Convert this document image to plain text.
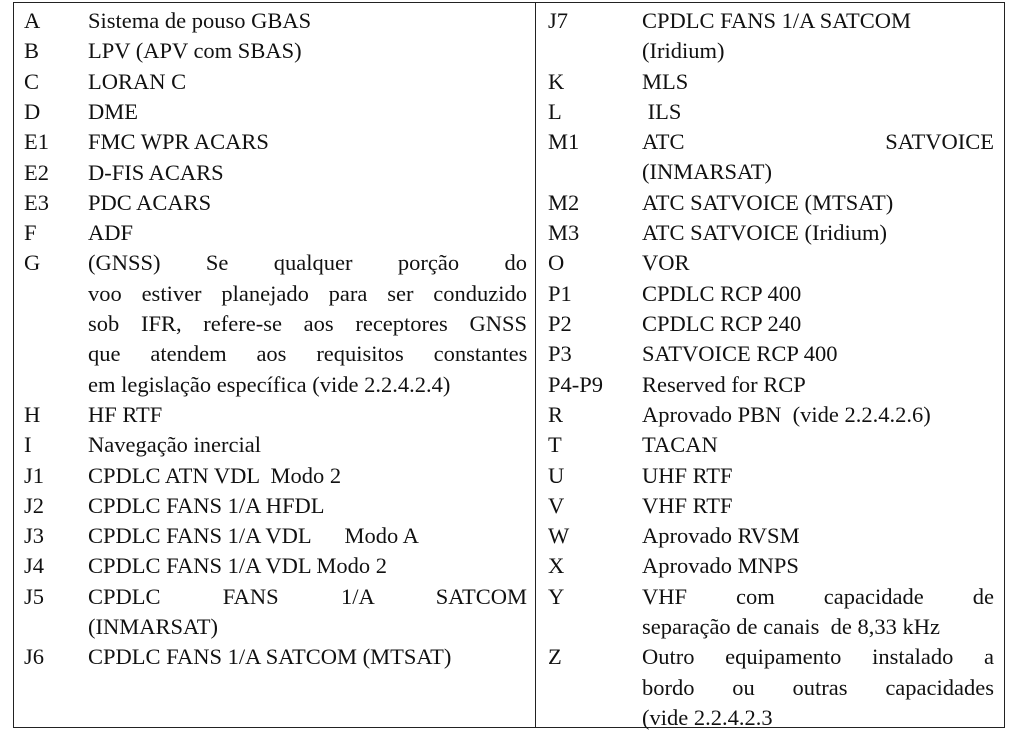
A Sistema de pouso GBAS
B LPV (APV com SBAS)
C LORAN C
D DME
E1 FMC WPR ACARS
E2 D-FIS ACARS
E3 PDC ACARS
F ADF
G (GNSS) Se qualquer porção do
voo estiver planejado para ser conduzido
sob IFR, refere-se aos receptores GNSS
que atendem aos requisitos constantes
em legislação específica (vide 2.2.4.2.4)
H HF RTF
I	Navegação inercial
J1 CPDLC ATN VDL  Modo 2
J2 CPDLC FANS 1/A HFDL
J3 CPDLC FANS 1/A VDL      Modo A
J4 CPDLC FANS 1/A VDL Modo 2
J5 CPDLC FANS 1/A SATCOM
(INMARSAT)
J6 CPDLC FANS 1/A SATCOM (MTSAT)
J7	CPDLC FANS 1/A SATCOM
(Iridium)
K	MLS
L	ILS
M1	ATC SATVOICE
(INMARSAT)
M2	ATC SATVOICE (MTSAT)
M3	ATC SATVOICE (Iridium)
O	VOR
P1	CPDLC RCP 400
P2	CPDLC RCP 240
P3	SATVOICE RCP 400
P4-P9 Reserved for RCP
R	Aprovado PBN  (vide 2.2.4.2.6)
T	TACAN
U	UHF RTF
V	VHF RTF
W	Aprovado RVSM
X	Aprovado MNPS
Y	VHF com capacidade de
separação de canais  de 8,33 kHz
Z	Outro equipamento instalado a
bordo ou outras capacidades
(vide 2.2.4.2.3
